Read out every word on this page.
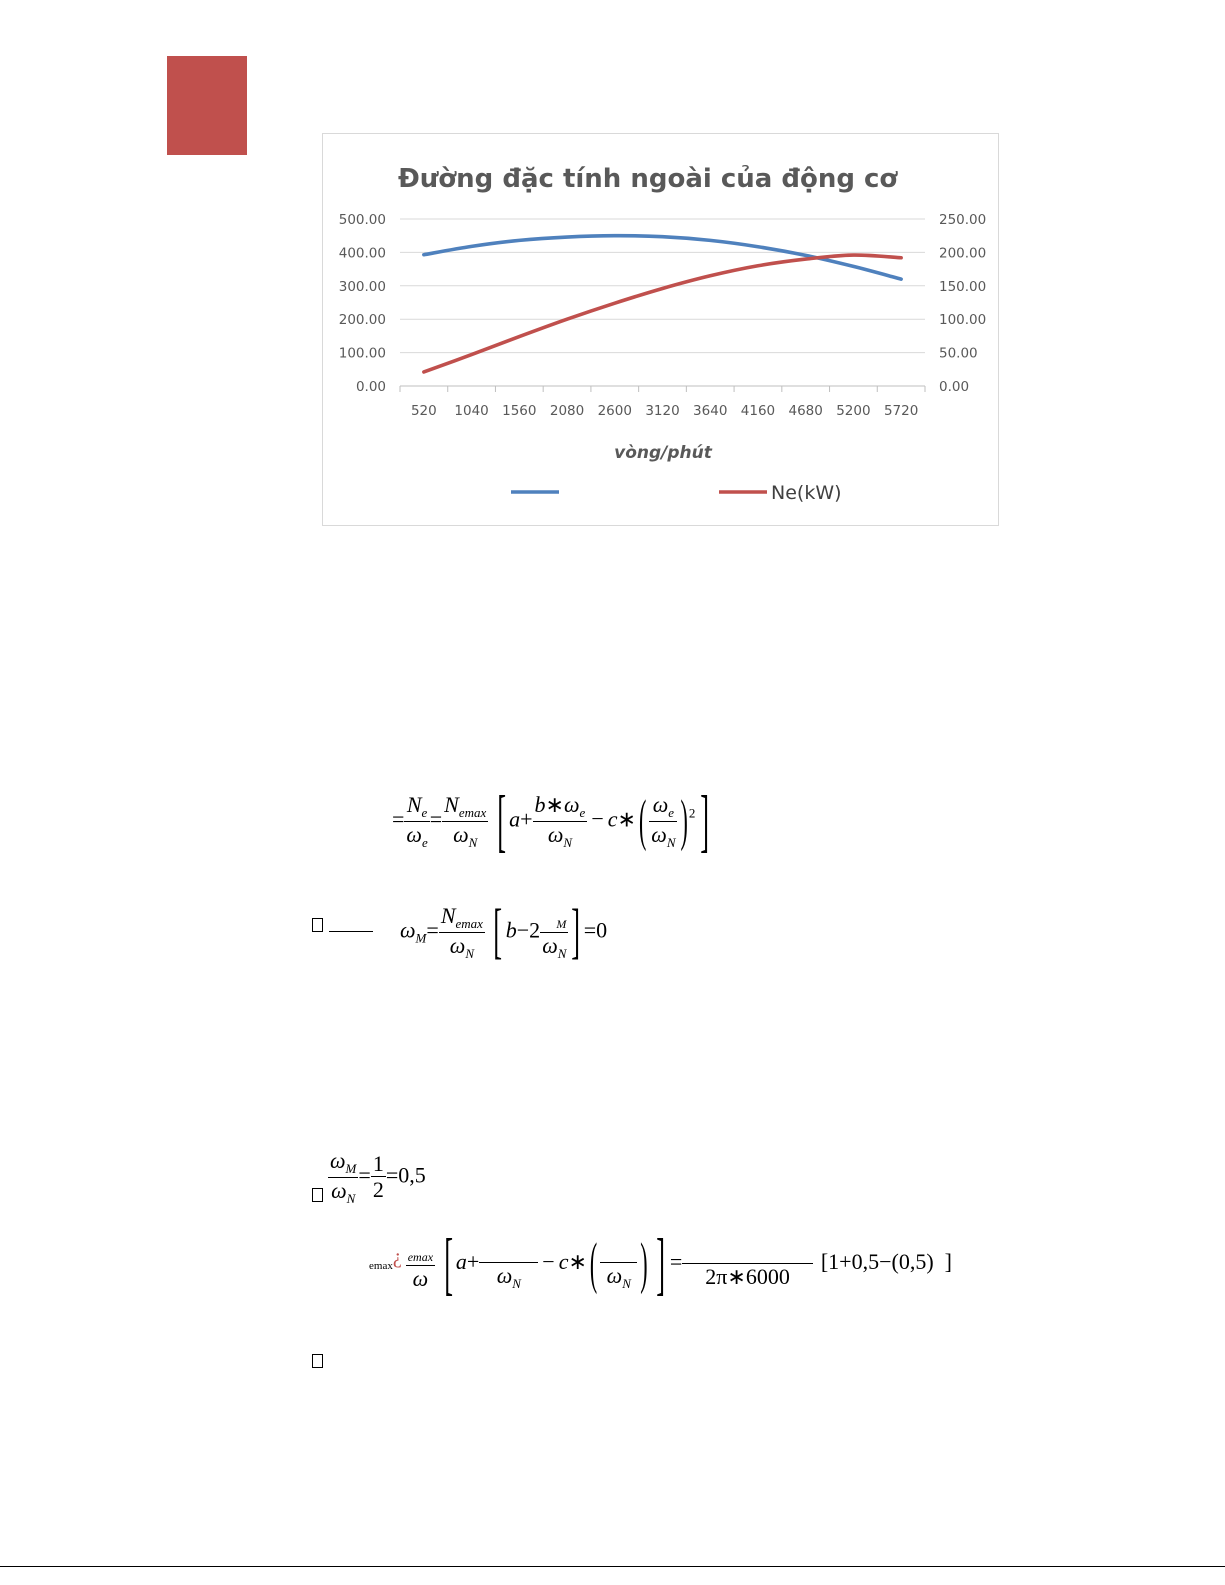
Đường đặc tính ngoài của động cơ
0.00	0.00
100.00	50.00
200.00	100.00
300.00	150.00
400.00	200.00
500.00	250.00
520 1040 1560 2080 2600 3120 3640 4160 4680 5200 5720
vòng/phút
Ne(kW)
= $\frac{N_e}{\omega_e} = \frac{N_{emax}}{\omega_N}$ [ $a+ \frac{b∗\omega_e}{\omega_N}$ − c∗ ( $\frac{\omega_e}{\omega_N} )^2$ ]
$\omega_M= \frac{N_{emax}}{\omega_N}$ [ $b-2 \frac{_M}{\omega_N}$ ] =0
$\frac{\omega_M}{\omega_N} = \frac{1}{2} =0,5$
emax¿ $\frac{_{emax}}{\omega}$ [ a+

$\omega_N$
− c∗ (
$\omega_N$ ) ] =

2π∗6000
[1+0,5−(0,5)  ]
